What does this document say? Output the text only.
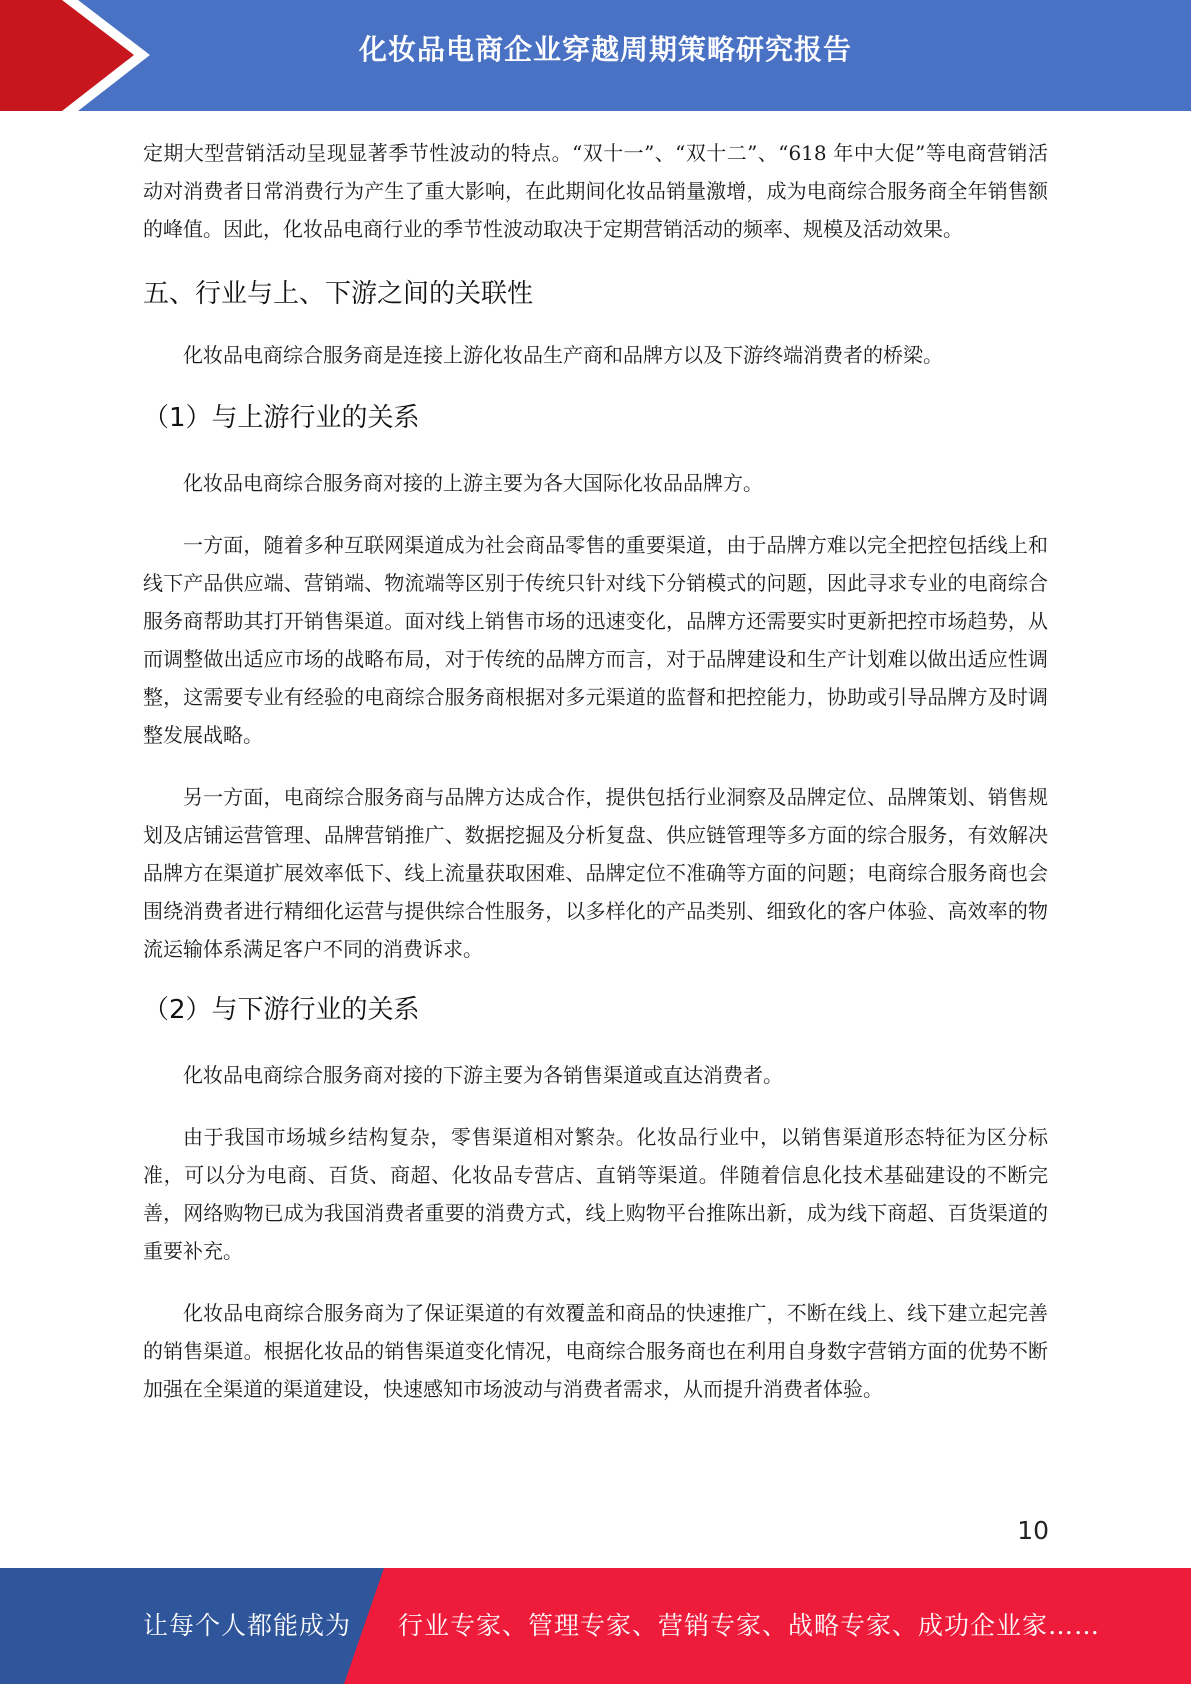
化妆品电商企业穿越周期策略研究报告

定期大型营销活动呈现显著季节性波动的特点。“双十一”、“双十二”、“618 年中大促”等电商营销活动对消费者日常消费行为产生了重大影响，在此期间化妆品销量激增，成为电商综合服务商全年销售额的峰值。因此，化妆品电商行业的季节性波动取决于定期营销活动的频率、规模及活动效果。

五、行业与上、下游之间的关联性

化妆品电商综合服务商是连接上游化妆品生产商和品牌方以及下游终端消费者的桥梁。

（1）与上游行业的关系

化妆品电商综合服务商对接的上游主要为各大国际化妆品品牌方。

一方面，随着多种互联网渠道成为社会商品零售的重要渠道，由于品牌方难以完全把控包括线上和线下产品供应端、营销端、物流端等区别于传统只针对线下分销模式的问题，因此寻求专业的电商综合服务商帮助其打开销售渠道。面对线上销售市场的迅速变化，品牌方还需要实时更新把控市场趋势，从而调整做出适应市场的战略布局，对于传统的品牌方而言，对于品牌建设和生产计划难以做出适应性调整，这需要专业有经验的电商综合服务商根据对多元渠道的监督和把控能力，协助或引导品牌方及时调整发展战略。

另一方面，电商综合服务商与品牌方达成合作，提供包括行业洞察及品牌定位、品牌策划、销售规划及店铺运营管理、品牌营销推广、数据挖掘及分析复盘、供应链管理等多方面的综合服务，有效解决品牌方在渠道扩展效率低下、线上流量获取困难、品牌定位不准确等方面的问题；电商综合服务商也会围绕消费者进行精细化运营与提供综合性服务，以多样化的产品类别、细致化的客户体验、高效率的物流运输体系满足客户不同的消费诉求。

（2）与下游行业的关系

化妆品电商综合服务商对接的下游主要为各销售渠道或直达消费者。

由于我国市场城乡结构复杂，零售渠道相对繁杂。化妆品行业中，以销售渠道形态特征为区分标准，可以分为电商、百货、商超、化妆品专营店、直销等渠道。伴随着信息化技术基础建设的不断完善，网络购物已成为我国消费者重要的消费方式，线上购物平台推陈出新，成为线下商超、百货渠道的重要补充。

化妆品电商综合服务商为了保证渠道的有效覆盖和商品的快速推广，不断在线上、线下建立起完善的销售渠道。根据化妆品的销售渠道变化情况，电商综合服务商也在利用自身数字营销方面的优势不断加强在全渠道的渠道建设，快速感知市场波动与消费者需求，从而提升消费者体验。

10
让每个人都能成为 行业专家、管理专家、营销专家、战略专家、成功企业家……
